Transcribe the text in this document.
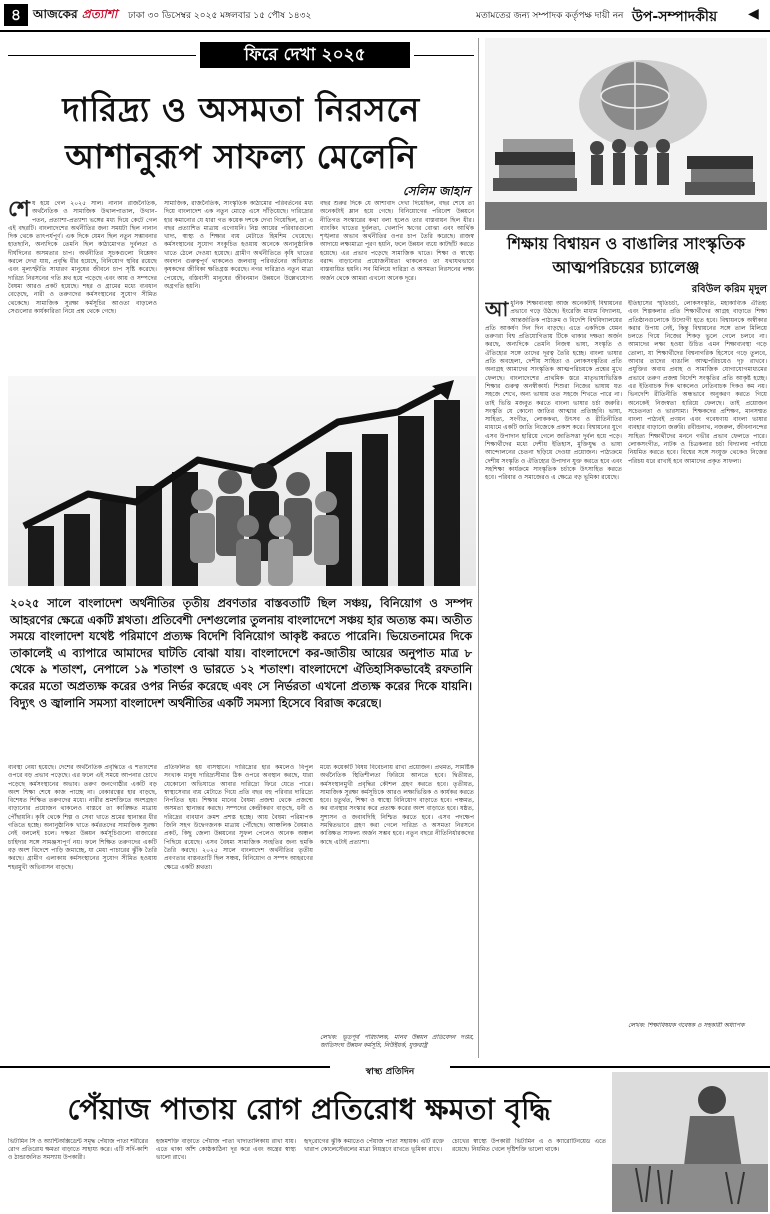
৪ আজকের প্রত্যাশা ঢাকা ৩০ ডিসেম্বর ২০২৫ মঙ্গলবার ১৫ পৌষ ১৪৩২	মতামতের জন্য সম্পাদক কর্তৃপক্ষ দায়ী নন উপ-সম্পাদকীয় ◀
ফিরে দেখা ২০২৫
দারিদ্র্য ও অসমতা নিরসনে
আশানুরূপ সাফল্য মেলেনি
সেলিম জাহান
শেষ হয়ে গেল ২০২৫ সাল। নানান রাজনৈতিক, অর্থনৈতিক ও সামাজিক উথালপাতাল, উত্থান-পতন, প্রত্যাশা-প্রত্যাশা ভঙ্গের মধ্য দিয়ে কেটে গেল এই বছরটি। বাংলাদেশের অর্থনীতির জন্য সময়টা ছিল নানান দিক থেকে তাৎপর্যপূর্ণ। এক দিকে যেমন ছিল নতুন সম্ভাবনার হাতছানি, অন্যদিকে তেমনি ছিল কাঠামোগত দুর্বলতা ও দীর্ঘদিনের অসমতার চাপ। অর্থনীতির সূচকগুলো বিশ্লেষণ করলে দেখা যায়, প্রবৃদ্ধি ধীর হয়েছে, বিনিয়োগ স্থবির রয়েছে এবং মূল্যস্ফীতি সাধারণ মানুষের জীবনে চাপ সৃষ্টি করেছে। দারিদ্র্য নিরসনের গতি শ্লথ হয়ে পড়েছে এবং আয় ও সম্পদের বৈষম্য আরও প্রকট হয়েছে। শহর ও গ্রামের মধ্যে ব্যবধান বেড়েছে, নারী ও তরুণদের কর্মসংস্থানের সুযোগ সীমিত থেকেছে। সামাজিক সুরক্ষা কর্মসূচির আওতা বাড়লেও সেগুলোর কার্যকারিতা নিয়ে প্রশ্ন থেকে গেছে।
সামাজিক, রাজনৈতিক, সাংস্কৃতিক কাঠামোর পরিবর্তনের মধ্য দিয়ে বাংলাদেশ এক নতুন মোড়ে এসে দাঁড়িয়েছে। দারিদ্র্যের হার কমানোর যে ধারা গত কয়েক দশকে দেখা গিয়েছিল, তা এ বছর প্রত্যাশিত মাত্রায় এগোয়নি। নিম্ন আয়ের পরিবারগুলো খাদ্য, স্বাস্থ্য ও শিক্ষার ব্যয় মেটাতে হিমশিম খেয়েছে। কর্মসংস্থানের সুযোগ সংকুচিত হওয়ায় অনেকে অনানুষ্ঠানিক খাতে ঠেলে দেওয়া হয়েছে। গ্রামীণ অর্থনীতিতে কৃষি খাতের অবদান গুরুত্বপূর্ণ থাকলেও জলবায়ু পরিবর্তনের অভিঘাত কৃষকদের জীবিকা ক্ষতিগ্রস্ত করেছে। নগর দারিদ্র্যও নতুন মাত্রা পেয়েছে, বস্তিবাসী মানুষের জীবনমান উন্নয়নে উল্লেখযোগ্য অগ্রগতি হয়নি।
বছর শুরুর দিকে যে আশাবাদ দেখা দিয়েছিল, বছর শেষে তা অনেকটাই ম্লান হয়ে গেছে। বিনিয়োগের পরিবেশ উন্নয়নে নীতিগত সংস্কারের কথা বলা হলেও তার বাস্তবায়ন ছিল ধীর। ব্যাংকিং খাতের দুর্বলতা, খেলাপি ঋণের বোঝা এবং আর্থিক শৃঙ্খলার অভাব অর্থনীতির ওপর চাপ তৈরি করেছে। রাজস্ব আদায়ে লক্ষ্যমাত্রা পূরণ হয়নি, ফলে উন্নয়ন ব্যয়ে কাটছাঁট করতে হয়েছে। এর প্রভাব পড়েছে সামাজিক খাতে। শিক্ষা ও স্বাস্থ্যে বরাদ্দ বাড়ানোর প্রয়োজনীয়তা থাকলেও তা যথাযথভাবে বাস্তবায়িত হয়নি। সব মিলিয়ে দারিদ্র্য ও অসমতা নিরসনের লক্ষ্য অর্জন থেকে আমরা এখনো অনেক দূরে।
২০২৫ সালে বাংলাদেশ অর্থনীতির তৃতীয় প্রবণতার বাস্তবতাটি ছিল সঞ্চয়, বিনিয়োগ ও সম্পদ আহরণের ক্ষেত্রে একটি শ্লথতা। প্রতিবেশী দেশগুলোর তুলনায় বাংলাদেশে সঞ্চয় হার অত্যন্ত কম। অতীত সময়ে বাংলাদেশ যথেষ্ট পরিমাণে প্রত্যক্ষ বিদেশি বিনিয়োগ আকৃষ্ট করতে পারেনি। ভিয়েতনামের দিকে তাকালেই এ ব্যাপারে আমাদের ঘাটতি বোঝা যায়। বাংলাদেশে কর-জাতীয় আয়ের অনুপাত মাত্র ৮ থেকে ৯ শতাংশ, নেপালে ১৯ শতাংশ ও ভারতে ১২ শতাংশ। বাংলাদেশে ঐতিহাসিকভাবেই রফতানি করের মতো অপ্রত্যক্ষ করের ওপর নির্ভর করেছে এবং সে নির্ভরতা এখনো প্রত্যক্ষ করের দিকে যায়নি। বিদ্যুৎ ও জ্বালানি সমস্যা বাংলাদেশ অর্থনীতির একটি সমস্যা হিসেবে বিরাজ করেছে।
ব্যবস্থা নেয়া হয়েছে। দেশের অর্থনৈতিক প্রবৃদ্ধিতে এ শতাংশের ওপরে বড় প্রভাব পড়েছে। এর ফলে এই সময়ে আপনার চোখে পড়েছে কর্মসংস্থানের অভাব। তরুণ জনগোষ্ঠীর একটি বড় অংশ শিক্ষা শেষে কাজ পাচ্ছে না। বেকারত্বের হার বাড়ছে, বিশেষত শিক্ষিত তরুণদের মধ্যে। নারীর শ্রমশক্তিতে অংশগ্রহণ বাড়ানোর প্রয়োজন থাকলেও বাস্তবে তা কাঙ্ক্ষিত মাত্রায় পৌঁছায়নি। কৃষি থেকে শিল্প ও সেবা খাতে শ্রমের স্থানান্তর ধীর গতিতে হচ্ছে। অনানুষ্ঠানিক খাতে কর্মরতদের সামাজিক সুরক্ষা নেই বললেই চলে। দক্ষতা উন্নয়ন কর্মসূচিগুলো বাজারের চাহিদার সঙ্গে সামঞ্জস্যপূর্ণ নয়। ফলে শিক্ষিত তরুণদের একটি বড় অংশ বিদেশে পাড়ি জমাচ্ছে, যা মেধা পাচারের ঝুঁকি তৈরি করছে। গ্রামীণ এলাকায় কর্মসংস্থানের সুযোগ সীমিত হওয়ায় শহরমুখী অভিবাসন বাড়ছে।
প্রতিফলিত হয় বাসস্থানে। দারিদ্র্যের হার কমলেও বিপুল সংখ্যক মানুষ দারিদ্র্যসীমার ঠিক ওপরে অবস্থান করছে, যারা যেকোনো অভিঘাতে আবার দারিদ্র্যে ফিরে যেতে পারে। স্বাস্থ্যসেবার ব্যয় মেটাতে গিয়ে প্রতি বছর বহু পরিবার দারিদ্র্যে নিপতিত হয়। শিক্ষার মানের বৈষম্য প্রজন্ম থেকে প্রজন্মে অসমতা স্থানান্তর করছে। সম্পদের কেন্দ্রীকরণ বাড়ছে, ধনী ও দরিদ্রের ব্যবধান ক্রমশ প্রশস্ত হচ্ছে। আয় বৈষম্য পরিমাপক জিনি সহগ উদ্বেগজনক মাত্রায় পৌঁছেছে। আঞ্চলিক বৈষম্যও প্রকট, কিছু জেলা উন্নয়নের সুফল পেলেও অনেক অঞ্চল পিছিয়ে রয়েছে। এসব বৈষম্য সামাজিক সংহতির জন্য হুমকি তৈরি করছে। ২০২৫ সালে বাংলাদেশ অর্থনীতির তৃতীয় প্রবণতার বাস্তবতাটি ছিল সঞ্চয়, বিনিয়োগ ও সম্পদ আহরণের ক্ষেত্রে একটি শ্লথতা।
মধ্যে কয়েকটি বিষয় বিবেচনায় রাখা প্রয়োজন। প্রথমত, সামষ্টিক অর্থনৈতিক স্থিতিশীলতা ফিরিয়ে আনতে হবে। দ্বিতীয়ত, কর্মসংস্থানমুখী প্রবৃদ্ধির কৌশল গ্রহণ করতে হবে। তৃতীয়ত, সামাজিক সুরক্ষা কর্মসূচিকে আরও লক্ষ্যভিত্তিক ও কার্যকর করতে হবে। চতুর্থত, শিক্ষা ও স্বাস্থ্যে বিনিয়োগ বাড়াতে হবে। পঞ্চমত, কর ব্যবস্থার সংস্কার করে প্রত্যক্ষ করের অংশ বাড়াতে হবে। ষষ্ঠত, সুশাসন ও জবাবদিহি নিশ্চিত করতে হবে। এসব পদক্ষেপ সমন্বিতভাবে গ্রহণ করা গেলে দারিদ্র্য ও অসমতা নিরসনে কাঙ্ক্ষিত সাফল্য অর্জন সম্ভব হবে। নতুন বছরে নীতিনির্ধারকদের কাছে এটাই প্রত্যাশা।
লেখক: ভূতপূর্ব পরিচালক, মানব উন্নয়ন প্রতিবেদন দপ্তর, জাতিসংঘ উন্নয়ন কর্মসূচি, নিউইয়র্ক, যুক্তরাষ্ট্র
শিক্ষায় বিশ্বায়ন ও বাঙালির সাংস্কৃতিক
আত্মপরিচয়ের চ্যালেঞ্জ
রবিউল করিম মৃদুল
আধুনিক শিক্ষাব্যবস্থা আজ অনেকটাই বিশ্বায়নের প্রভাবে গড়ে উঠছে। ইংরেজি মাধ্যম বিদ্যালয়, আন্তর্জাতিক পাঠ্যক্রম ও বিদেশি বিশ্ববিদ্যালয়ের প্রতি আকর্ষণ দিন দিন বাড়ছে। এতে একদিকে যেমন তরুণরা বিশ্ব প্রতিযোগিতায় টিকে থাকার দক্ষতা অর্জন করছে, অন্যদিকে তেমনি নিজস্ব ভাষা, সংস্কৃতি ও ঐতিহ্যের সঙ্গে তাদের দূরত্ব তৈরি হচ্ছে। বাংলা ভাষার প্রতি অবহেলা, দেশীয় সাহিত্য ও লোকসংস্কৃতির প্রতি অনাগ্রহ আমাদের সাংস্কৃতিক আত্মপরিচয়কে প্রশ্নের মুখে ফেলছে। বাংলাদেশের প্রাথমিক স্তরে মাতৃভাষাভিত্তিক শিক্ষার গুরুত্ব অনস্বীকার্য। শিশুরা নিজের ভাষায় যত সহজে শেখে, অন্য ভাষায় তত সহজে শিখতে পারে না। তাই ভিত্তি মজবুত করতে বাংলা ভাষার চর্চা জরুরি। সংস্কৃতি যে কোনো জাতির আত্মার প্রতিচ্ছবি। ভাষা, সাহিত্য, সংগীত, লোককথা, উৎসব ও রীতিনীতির মাধ্যমে একটি জাতি নিজেকে প্রকাশ করে। বিশ্বায়নের যুগে এসব উপাদান হারিয়ে গেলে জাতিসত্তা দুর্বল হয়ে পড়ে। শিক্ষার্থীদের মধ্যে দেশীয় ইতিহাস, মুক্তিযুদ্ধ ও ভাষা আন্দোলনের চেতনা ছড়িয়ে দেওয়া প্রয়োজন। পাঠ্যক্রমে দেশীয় সংস্কৃতি ও ঐতিহ্যের উপাদান যুক্ত করতে হবে এবং সহশিক্ষা কার্যক্রমে সাংস্কৃতিক চর্চাকে উৎসাহিত করতে হবে। পরিবার ও সমাজেরও এ ক্ষেত্রে বড় ভূমিকা রয়েছে।
ইতিহাসের স্মৃতিচর্চা, লোকসংস্কৃতি, মহাকাব্যিক ঐতিহ্য এবং শিল্পকলার প্রতি শিক্ষার্থীদের আগ্রহ বাড়াতে শিক্ষা প্রতিষ্ঠানগুলোকে উদ্যোগী হতে হবে। বিশ্বায়নকে অস্বীকার করার উপায় নেই, কিন্তু বিশ্বায়নের সঙ্গে তাল মিলিয়ে চলতে গিয়ে নিজের শিকড় ভুলে গেলে চলবে না। আমাদের লক্ষ্য হওয়া উচিত এমন শিক্ষাব্যবস্থা গড়ে তোলা, যা শিক্ষার্থীদের বিশ্বনাগরিক হিসেবে গড়ে তুলবে, আবার তাদের বাঙালি আত্মপরিচয়েও দৃঢ় রাখবে। প্রযুক্তির অবাধ প্রবাহ ও সামাজিক যোগাযোগমাধ্যমের প্রভাবে তরুণ প্রজন্ম বিদেশি সংস্কৃতির প্রতি আকৃষ্ট হচ্ছে। এর ইতিবাচক দিক থাকলেও নেতিবাচক দিকও কম নয়। ভিনদেশি রীতিনীতি অন্ধভাবে অনুকরণ করতে গিয়ে অনেকেই নিজস্বতা হারিয়ে ফেলছে। তাই প্রয়োজন সচেতনতা ও ভারসাম্য। শিক্ষকদের প্রশিক্ষণ, মানসম্মত বাংলা পাঠ্যবই প্রণয়ন এবং গবেষণায় বাংলা ভাষার ব্যবহার বাড়ানো জরুরি। রবীন্দ্রনাথ, নজরুল, জীবনানন্দের সাহিত্য শিক্ষার্থীদের মননে গভীর প্রভাব ফেলতে পারে। লোকসংগীত, নাটক ও চিত্রকলার চর্চা বিদ্যালয় পর্যায়ে নিয়মিত করতে হবে। বিশ্বের সঙ্গে সংযুক্ত থেকেও নিজের পরিচয় ধরে রাখাই হবে আমাদের প্রকৃত সাফল্য।
লেখক: শিক্ষাবিষয়ক গবেষক ও সহকারী অধ্যাপক
স্বাস্থ্য প্রতিদিন
পেঁয়াজ পাতায় রোগ প্রতিরোধ ক্ষমতা বৃদ্ধি
ভিটামিন সি ও অ্যান্টিঅক্সিডেন্ট সমৃদ্ধ পেঁয়াজ পাতা শরীরের রোগ প্রতিরোধ ক্ষমতা বাড়াতে সাহায্য করে। এটি সর্দি-কাশি ও ঠান্ডাজনিত সমস্যায় উপকারী।
হজমশক্তি বাড়াতে পেঁয়াজ পাতা খাদ্যতালিকায় রাখা যায়। এতে থাকা আঁশ কোষ্ঠকাঠিন্য দূর করে এবং অন্ত্রের স্বাস্থ্য ভালো রাখে।
হৃদ্‌রোগের ঝুঁকি কমাতেও পেঁয়াজ পাতা সহায়ক। এটি রক্তে খারাপ কোলেস্টেরলের মাত্রা নিয়ন্ত্রণে রাখতে ভূমিকা রাখে।
চোখের স্বাস্থ্যে উপকারী ভিটামিন এ ও ক্যারোটিনয়েড এতে রয়েছে। নিয়মিত খেলে দৃষ্টিশক্তি ভালো থাকে।
